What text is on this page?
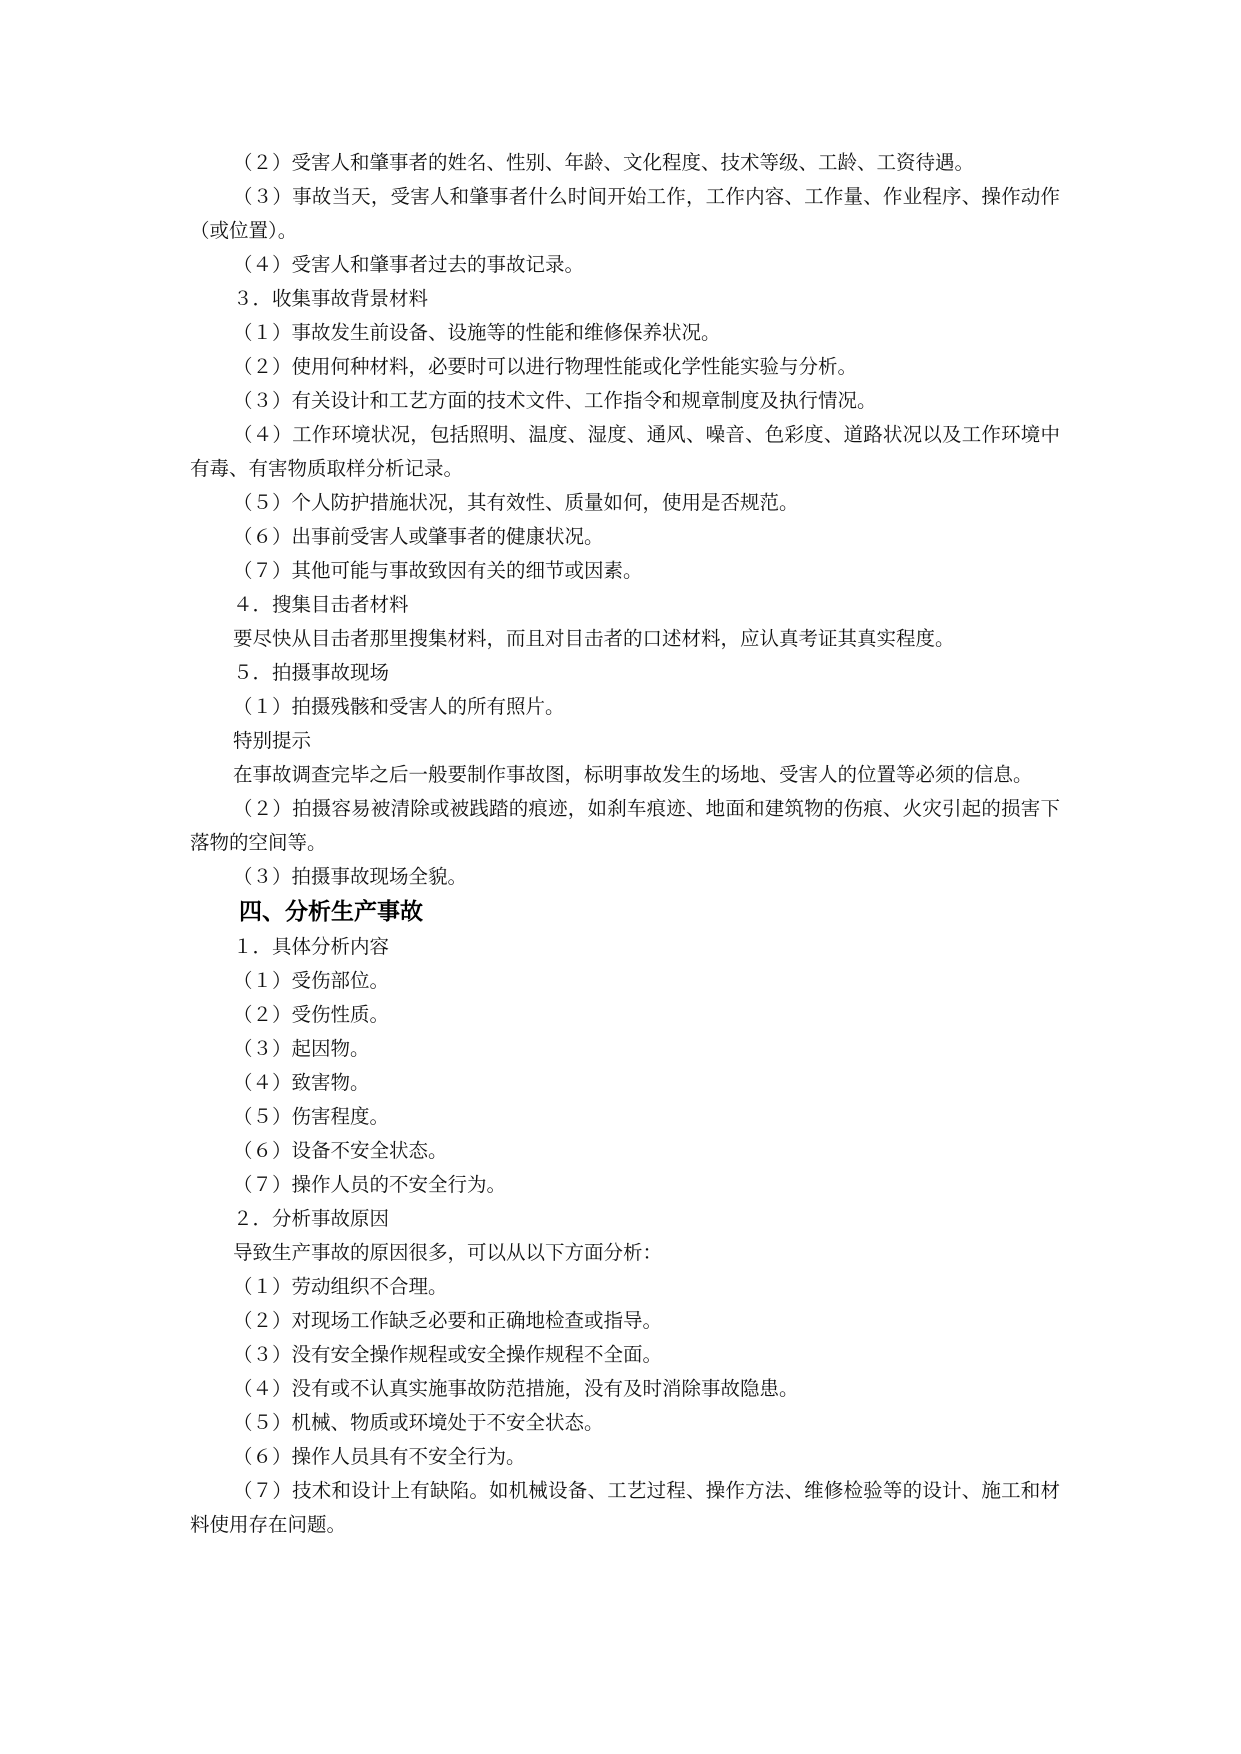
（２）受害人和肇事者的姓名、性别、年龄、文化程度、技术等级、工龄、工资待遇。

（３）事故当天，受害人和肇事者什么时间开始工作，工作内容、工作量、作业程序、操作动作（或位置）。

（４）受害人和肇事者过去的事故记录。

３．收集事故背景材料

（１）事故发生前设备、设施等的性能和维修保养状况。

（２）使用何种材料，必要时可以进行物理性能或化学性能实验与分析。

（３）有关设计和工艺方面的技术文件、工作指令和规章制度及执行情况。

（４）工作环境状况，包括照明、温度、湿度、通风、噪音、色彩度、道路状况以及工作环境中有毒、有害物质取样分析记录。

（５）个人防护措施状况，其有效性、质量如何，使用是否规范。

（６）出事前受害人或肇事者的健康状况。

（７）其他可能与事故致因有关的细节或因素。

４．搜集目击者材料

要尽快从目击者那里搜集材料，而且对目击者的口述材料，应认真考证其真实程度。

５．拍摄事故现场

（１）拍摄残骸和受害人的所有照片。

特别提示

在事故调查完毕之后一般要制作事故图，标明事故发生的场地、受害人的位置等必须的信息。

（２）拍摄容易被清除或被践踏的痕迹，如刹车痕迹、地面和建筑物的伤痕、火灾引起的损害下落物的空间等。

（３）拍摄事故现场全貌。

四、分析生产事故

１．具体分析内容

（１）受伤部位。

（２）受伤性质。

（３）起因物。

（４）致害物。

（５）伤害程度。

（６）设备不安全状态。

（７）操作人员的不安全行为。

２．分析事故原因

导致生产事故的原因很多，可以从以下方面分析：

（１）劳动组织不合理。

（２）对现场工作缺乏必要和正确地检查或指导。

（３）没有安全操作规程或安全操作规程不全面。

（４）没有或不认真实施事故防范措施，没有及时消除事故隐患。

（５）机械、物质或环境处于不安全状态。

（６）操作人员具有不安全行为。

（７）技术和设计上有缺陷。如机械设备、工艺过程、操作方法、维修检验等的设计、施工和材料使用存在问题。
